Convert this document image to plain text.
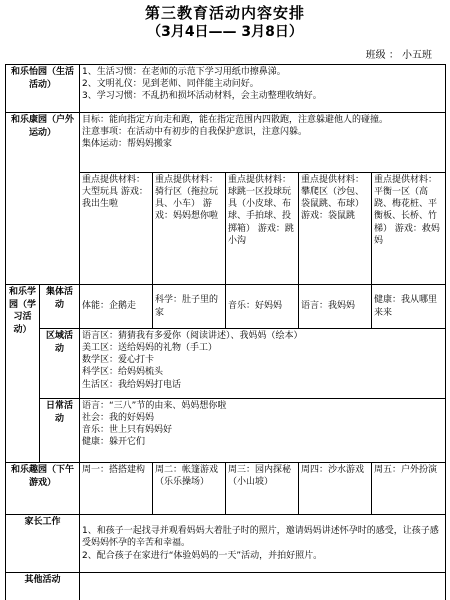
第三教育活动内容安排
（3月4日—— 3月8日）
班级 ： 小五班
和乐怡园（生活活动）		1、生活习惯：在老师的示范下学习用纸巾擦鼻涕。
2、文明礼仪：见到老师、同伴能主动问好。
3、学习习惯：不乱扔和损坏活动材料，会主动整理收纳好。				

和乐康园（户外运动）		目标：能向指定方向走和跑，能在指定范围内四散跑，注意躲避他人的碰撞。
注意事项：在活动中有初步的自我保护意识，注意闪躲。
集体运动：帮妈妈搬家				

		重点提供材料：大型玩具 游戏：我出生啦	重点提供材料：骑行区（拖拉玩具、小车） 游戏：妈妈想你啦	重点提供材料：球跳一区投球玩具（小皮球、布球、手拍球、投掷箱） 游戏：跳小沟	重点提供材料：攀爬区（沙包、袋鼠跳、布球） 游戏：袋鼠跳	重点提供材料：平衡一区（高跷、梅花桩、平衡板、长桥、竹梯） 游戏：救妈妈

和乐学园（学习活动）	集体活动	体能：企鹅走	科学：肚子里的家	音乐：好妈妈	语言：我妈妈	健康：我从哪里来来

	区域活动	语言区：猜猜我有多爱你（阅读讲述）、我妈妈（绘本）
美工区：送给妈妈的礼物（手工）
数学区：爱心打卡
科学区：给妈妈梳头
生活区：我给妈妈打电话				

	日常活动	语言：“三八”节的由来、妈妈想你啦
社会：我的好妈妈
音乐：世上只有妈妈好
健康：躲开它们				

和乐趣园（下午游戏）		周一：搭搭建构	周二：帐篷游戏（乐乐操场）	周三：园内探秘（小山坡）	周四：沙水游戏	周五：户外扮演

家长工作		1、和孩子一起找寻并观看妈妈大着肚子时的照片，邀请妈妈讲述怀孕时的感受，让孩子感受妈妈怀孕的辛苦和幸福。
2、配合孩子在家进行“体验妈妈的一天”活动，并拍好照片。				

其他活动						
